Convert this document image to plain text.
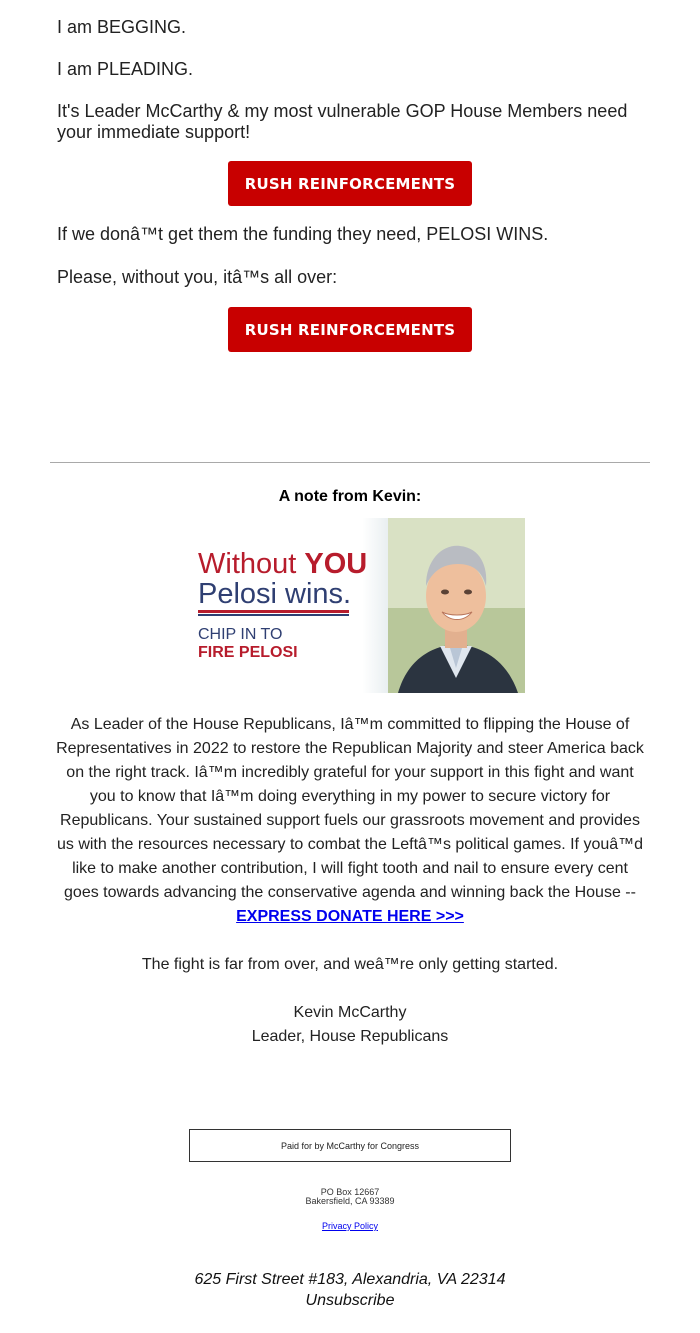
I am BEGGING.

I am PLEADING.

It's Leader McCarthy & my most vulnerable GOP House Members need your immediate support!

RUSH REINFORCEMENTS

If we donâ™t get them the funding they need, PELOSI WINS.

Please, without you, itâ™s all over:

RUSH REINFORCEMENTS
A note from Kevin:
Without YOU
Pelosi wins.
CHIP IN TO
FIRE PELOSI
As Leader of the House Republicans, Iâ™m committed to flipping the House of Representatives in 2022 to restore the Republican Majority and steer America back on the right track. Iâ™m incredibly grateful for your support in this fight and want you to know that Iâ™m doing everything in my power to secure victory for Republicans. Your sustained support fuels our grassroots movement and provides us with the resources necessary to combat the Leftâ™s political games. If youâ™d like to make another contribution, I will fight tooth and nail to ensure every cent goes towards advancing the conservative agenda and winning back the House -- EXPRESS DONATE HERE >>>
The fight is far from over, and weâ™re only getting started.
Kevin McCarthy
Leader, House Republicans
Paid for by McCarthy for Congress
PO Box 12667
Bakersfield, CA 93389
Privacy Policy
625 First Street #183, Alexandria, VA 22314
Unsubscribe
